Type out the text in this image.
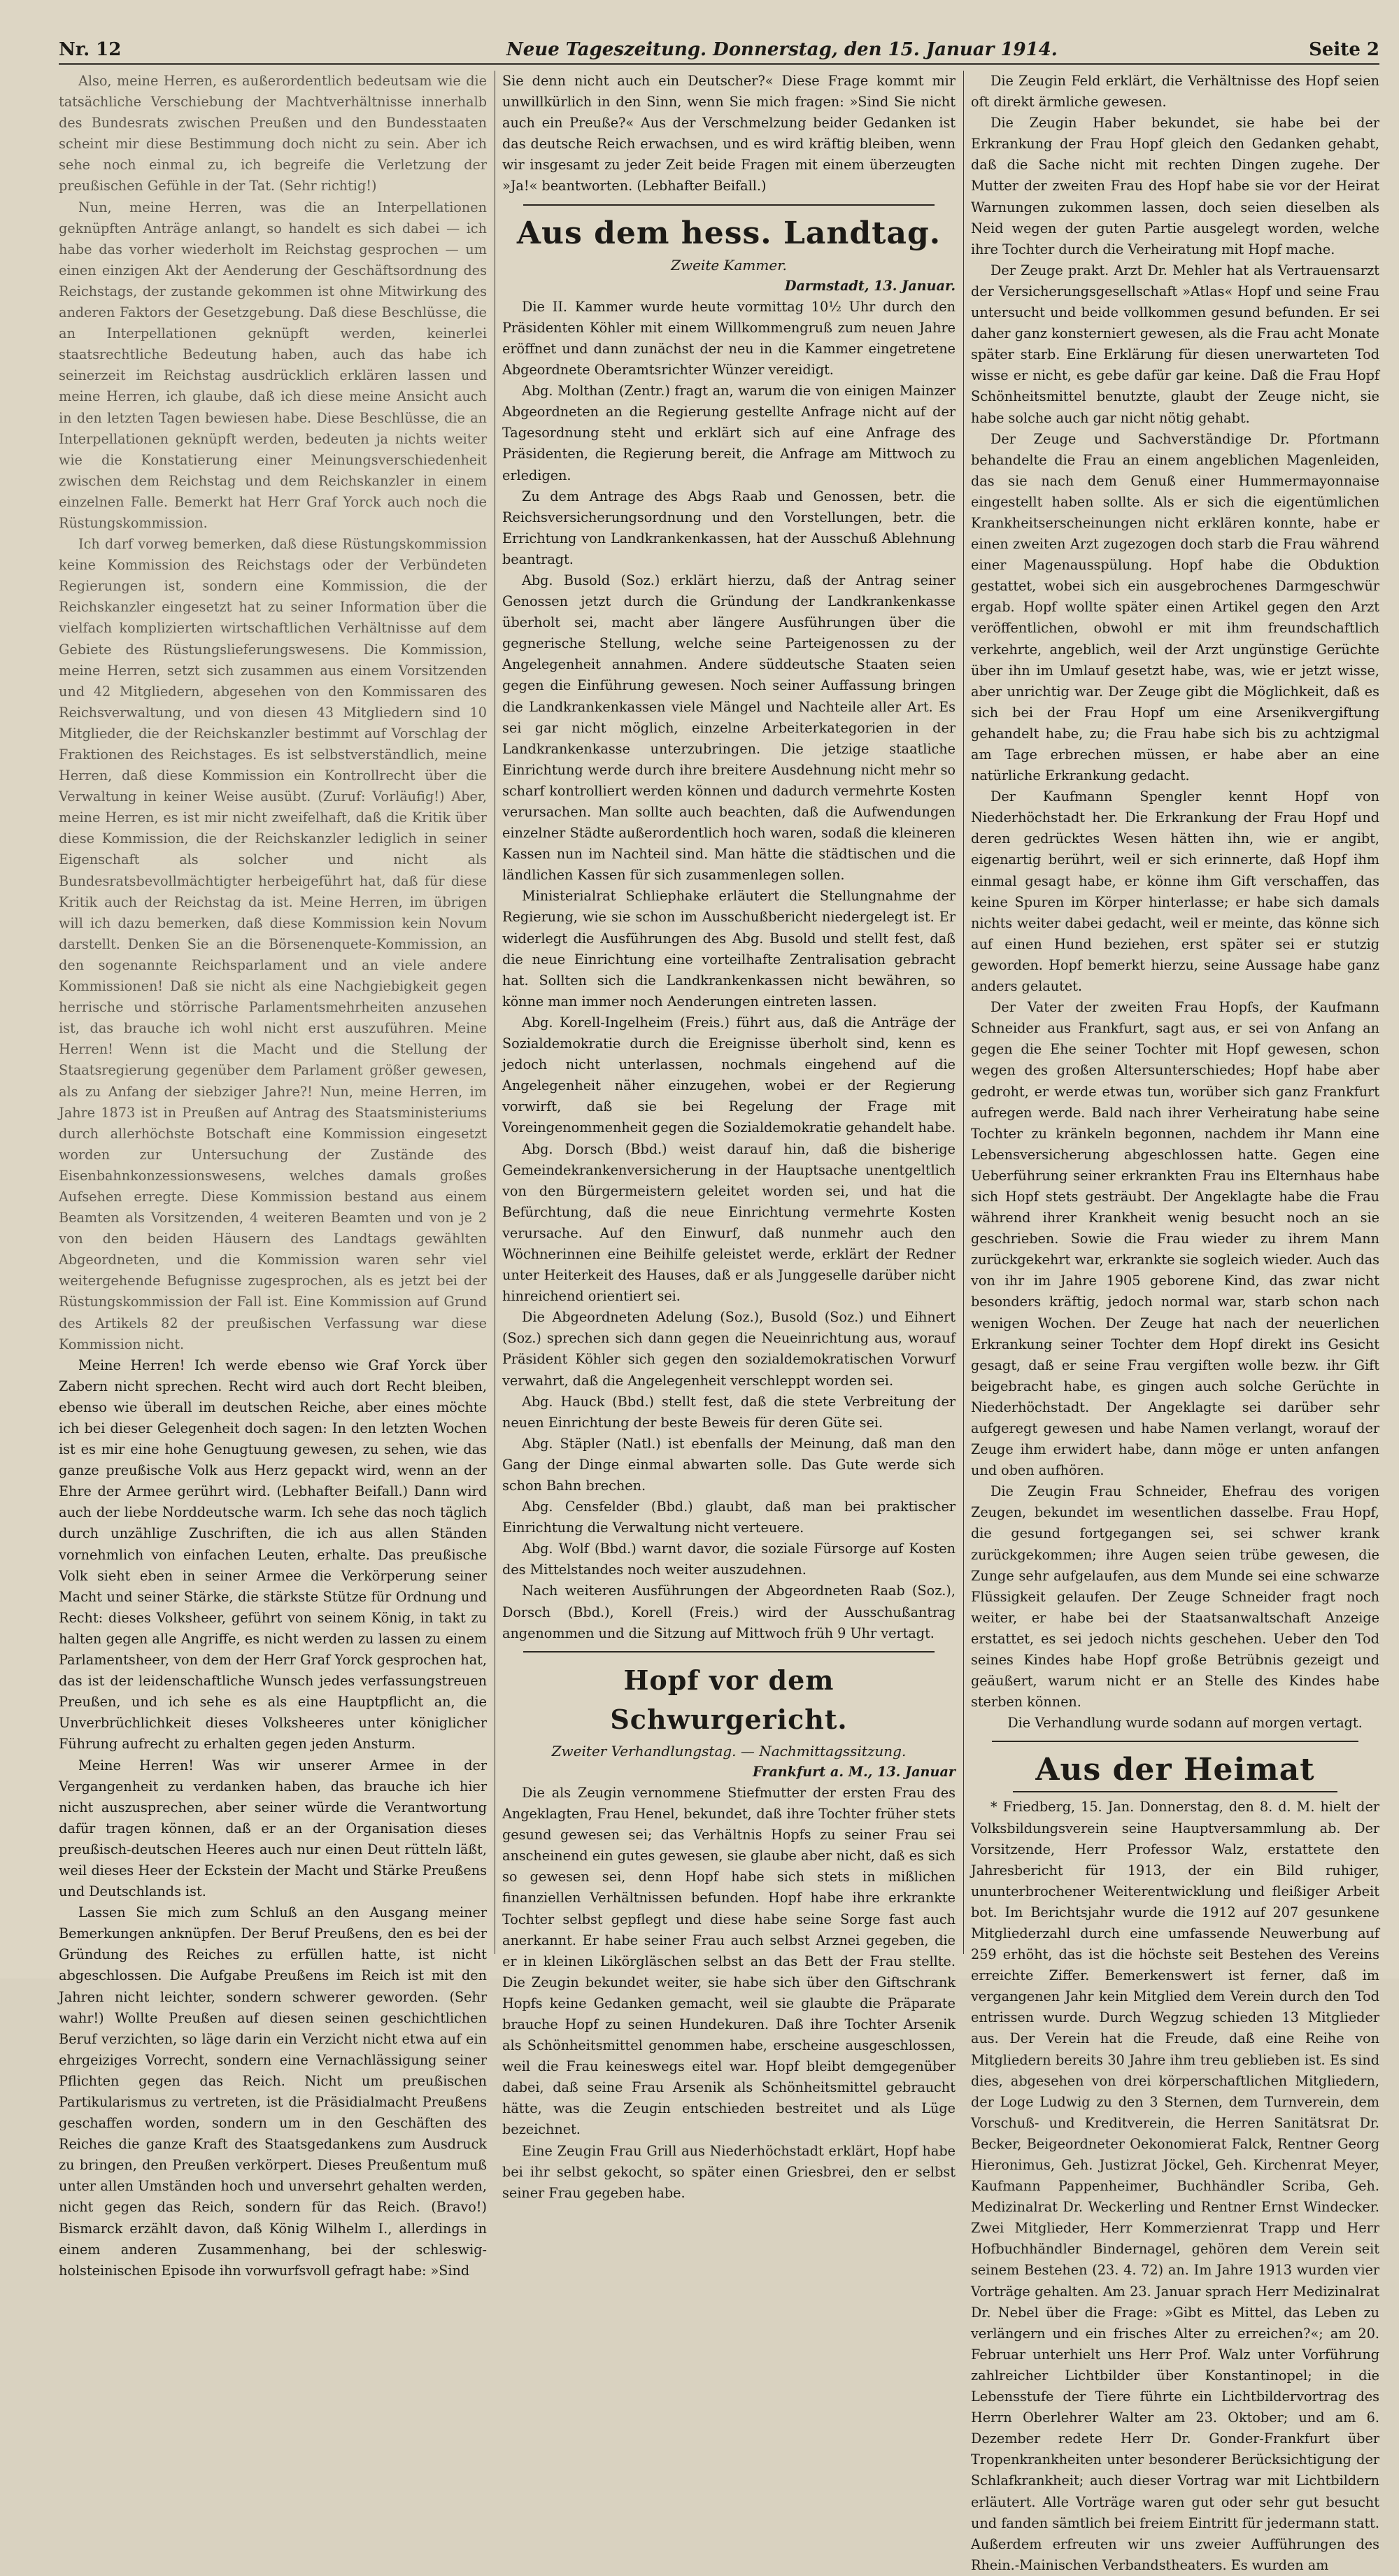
Nr. 12	Neue Tageszeitung. Donnerstag, den 15. Januar 1914.	Seite 2

Also, meine Herren, es außerordentlich bedeutsam wie die tatsächliche Verschiebung der Machtverhältnisse innerhalb des Bundesrats zwischen Preußen und den Bundesstaaten scheint mir diese Bestimmung doch nicht zu sein. Aber ich sehe noch einmal zu, ich begreife die Verletzung der preußischen Gefühle in der Tat. (Sehr richtig!)

Nun, meine Herren, was die an Interpellationen geknüpften Anträge anlangt, so handelt es sich dabei — ich habe das vorher wiederholt im Reichstag gesprochen — um einen einzigen Akt der Aenderung der Geschäftsordnung des Reichstags, der zustande gekommen ist ohne Mitwirkung des anderen Faktors der Gesetzgebung. Daß diese Beschlüsse, die an Interpellationen geknüpft werden, keinerlei staatsrechtliche Bedeutung haben, auch das habe ich seinerzeit im Reichstag ausdrücklich erklären lassen und meine Herren, ich glaube, daß ich diese meine Ansicht auch in den letzten Tagen bewiesen habe. Diese Beschlüsse, die an Interpellationen geknüpft werden, bedeuten ja nichts weiter wie die Konstatierung einer Meinungsverschiedenheit zwischen dem Reichstag und dem Reichskanzler in einem einzelnen Falle. Bemerkt hat Herr Graf Yorck auch noch die Rüstungskommission.

Ich darf vorweg bemerken, daß diese Rüstungskommission keine Kommission des Reichstags oder der Verbündeten Regierungen ist, sondern eine Kommission, die der Reichskanzler eingesetzt hat zu seiner Information über die vielfach komplizierten wirtschaftlichen Verhältnisse auf dem Gebiete des Rüstungslieferungswesens. Die Kommission, meine Herren, setzt sich zusammen aus einem Vorsitzenden und 42 Mitgliedern, abgesehen von den Kommissaren des Reichsverwaltung, und von diesen 43 Mitgliedern sind 10 Mitglieder, die der Reichskanzler bestimmt auf Vorschlag der Fraktionen des Reichstages. Es ist selbstverständlich, meine Herren, daß diese Kommission ein Kontrollrecht über die Verwaltung in keiner Weise ausübt. (Zuruf: Vorläufig!) Aber, meine Herren, es ist mir nicht zweifelhaft, daß die Kritik über diese Kommission, die der Reichskanzler lediglich in seiner Eigenschaft als solcher und nicht als Bundesratsbevollmächtigter herbeigeführt hat, daß für diese Kritik auch der Reichstag da ist. Meine Herren, im übrigen will ich dazu bemerken, daß diese Kommission kein Novum darstellt. Denken Sie an die Börsenenquete-Kommission, an den sogenannte Reichsparlament und an viele andere Kommissionen! Daß sie nicht als eine Nachgiebigkeit gegen herrische und störrische Parlamentsmehrheiten anzusehen ist, das brauche ich wohl nicht erst auszuführen. Meine Herren! Wenn ist die Macht und die Stellung der Staatsregierung gegenüber dem Parlament größer gewesen, als zu Anfang der siebziger Jahre?! Nun, meine Herren, im Jahre 1873 ist in Preußen auf Antrag des Staatsministeriums durch allerhöchste Botschaft eine Kommission eingesetzt worden zur Untersuchung der Zustände des Eisenbahnkonzessionswesens, welches damals großes Aufsehen erregte. Diese Kommission bestand aus einem Beamten als Vorsitzenden, 4 weiteren Beamten und von je 2 von den beiden Häusern des Landtags gewählten Abgeordneten, und die Kommission waren sehr viel weitergehende Befugnisse zugesprochen, als es jetzt bei der Rüstungskommission der Fall ist. Eine Kommission auf Grund des Artikels 82 der preußischen Verfassung war diese Kommission nicht.

Meine Herren! Ich werde ebenso wie Graf Yorck über Zabern nicht sprechen. Recht wird auch dort Recht bleiben, ebenso wie überall im deutschen Reiche, aber eines möchte ich bei dieser Gelegenheit doch sagen: In den letzten Wochen ist es mir eine hohe Genugtuung gewesen, zu sehen, wie das ganze preußische Volk aus Herz gepackt wird, wenn an der Ehre der Armee gerührt wird. (Lebhafter Beifall.) Dann wird auch der liebe Norddeutsche warm. Ich sehe das noch täglich durch unzählige Zuschriften, die ich aus allen Ständen vornehmlich von einfachen Leuten, erhalte. Das preußische Volk sieht eben in seiner Armee die Verkörperung seiner Macht und seiner Stärke, die stärkste Stütze für Ordnung und Recht: dieses Volksheer, geführt von seinem König, in takt zu halten gegen alle Angriffe, es nicht werden zu lassen zu einem Parlamentsheer, von dem der Herr Graf Yorck gesprochen hat, das ist der leidenschaftliche Wunsch jedes verfassungstreuen Preußen, und ich sehe es als eine Hauptpflicht an, die Unverbrüchlichkeit dieses Volksheeres unter königlicher Führung aufrecht zu erhalten gegen jeden Ansturm.

Meine Herren! Was wir unserer Armee in der Vergangenheit zu verdanken haben, das brauche ich hier nicht auszusprechen, aber seiner würde die Verantwortung dafür tragen können, daß er an der Organisation dieses preußisch-deutschen Heeres auch nur einen Deut rütteln läßt, weil dieses Heer der Eckstein der Macht und Stärke Preußens und Deutschlands ist.

Lassen Sie mich zum Schluß an den Ausgang meiner Bemerkungen anknüpfen. Der Beruf Preußens, den es bei der Gründung des Reiches zu erfüllen hatte, ist nicht abgeschlossen. Die Aufgabe Preußens im Reich ist mit den Jahren nicht leichter, sondern schwerer geworden. (Sehr wahr!) Wollte Preußen auf diesen seinen geschichtlichen Beruf verzichten, so läge darin ein Verzicht nicht etwa auf ein ehrgeiziges Vorrecht, sondern eine Vernachlässigung seiner Pflichten gegen das Reich. Nicht um preußischen Partikularismus zu vertreten, ist die Präsidialmacht Preußens geschaffen worden, sondern um in den Geschäften des Reiches die ganze Kraft des Staatsgedankens zum Ausdruck zu bringen, den Preußen verkörpert. Dieses Preußentum muß unter allen Umständen hoch und unversehrt gehalten werden, nicht gegen das Reich, sondern für das Reich. (Bravo!) Bismarck erzählt davon, daß König Wilhelm I., allerdings in einem anderen Zusammenhang, bei der schleswig-holsteinischen Episode ihn vorwurfsvoll gefragt habe: »Sind

Sie denn nicht auch ein Deutscher?« Diese Frage kommt mir unwillkürlich in den Sinn, wenn Sie mich fragen: »Sind Sie nicht auch ein Preuße?« Aus der Verschmelzung beider Gedanken ist das deutsche Reich erwachsen, und es wird kräftig bleiben, wenn wir insgesamt zu jeder Zeit beide Fragen mit einem überzeugten »Ja!« beantworten. (Lebhafter Beifall.)

Aus dem hess. Landtag.

Zweite Kammer.

Darmstadt, 13. Januar.

Die II. Kammer wurde heute vormittag 10½ Uhr durch den Präsidenten Köhler mit einem Willkommengruß zum neuen Jahre eröffnet und dann zunächst der neu in die Kammer eingetretene Abgeordnete Oberamtsrichter Wünzer vereidigt.

Abg. Molthan (Zentr.) fragt an, warum die von einigen Mainzer Abgeordneten an die Regierung gestellte Anfrage nicht auf der Tagesordnung steht und erklärt sich auf eine Anfrage des Präsidenten, die Regierung bereit, die Anfrage am Mittwoch zu erledigen.

Zu dem Antrage des Abgs Raab und Genossen, betr. die Reichsversicherungsordnung und den Vorstellungen, betr. die Errichtung von Landkrankenkassen, hat der Ausschuß Ablehnung beantragt.

Abg. Busold (Soz.) erklärt hierzu, daß der Antrag seiner Genossen jetzt durch die Gründung der Landkrankenkasse überholt sei, macht aber längere Ausführungen über die gegnerische Stellung, welche seine Parteigenossen zu der Angelegenheit annahmen. Andere süddeutsche Staaten seien gegen die Einführung gewesen. Noch seiner Auffassung bringen die Landkrankenkassen viele Mängel und Nachteile aller Art. Es sei gar nicht möglich, einzelne Arbeiterkategorien in der Landkrankenkasse unterzubringen. Die jetzige staatliche Einrichtung werde durch ihre breitere Ausdehnung nicht mehr so scharf kontrolliert werden können und dadurch vermehrte Kosten verursachen. Man sollte auch beachten, daß die Aufwendungen einzelner Städte außerordentlich hoch waren, sodaß die kleineren Kassen nun im Nachteil sind. Man hätte die städtischen und die ländlichen Kassen für sich zusammenlegen sollen.

Ministerialrat Schliephake erläutert die Stellungnahme der Regierung, wie sie schon im Ausschußbericht niedergelegt ist. Er widerlegt die Ausführungen des Abg. Busold und stellt fest, daß die neue Einrichtung eine vorteilhafte Zentralisation gebracht hat. Sollten sich die Landkrankenkassen nicht bewähren, so könne man immer noch Aenderungen eintreten lassen.

Abg. Korell-Ingelheim (Freis.) führt aus, daß die Anträge der Sozialdemokratie durch die Ereignisse überholt sind, kenn es jedoch nicht unterlassen, nochmals eingehend auf die Angelegenheit näher einzugehen, wobei er der Regierung vorwirft, daß sie bei Regelung der Frage mit Voreingenommenheit gegen die Sozialdemokratie gehandelt habe.

Abg. Dorsch (Bbd.) weist darauf hin, daß die bisherige Gemeindekrankenversicherung in der Hauptsache unentgeltlich von den Bürgermeistern geleitet worden sei, und hat die Befürchtung, daß die neue Einrichtung vermehrte Kosten verursache. Auf den Einwurf, daß nunmehr auch den Wöchnerinnen eine Beihilfe geleistet werde, erklärt der Redner unter Heiterkeit des Hauses, daß er als Junggeselle darüber nicht hinreichend orientiert sei.

Die Abgeordneten Adelung (Soz.), Busold (Soz.) und Eihnert (Soz.) sprechen sich dann gegen die Neueinrichtung aus, worauf Präsident Köhler sich gegen den sozialdemokratischen Vorwurf verwahrt, daß die Angelegenheit verschleppt worden sei.

Abg. Hauck (Bbd.) stellt fest, daß die stete Verbreitung der neuen Einrichtung der beste Beweis für deren Güte sei.

Abg. Stäpler (Natl.) ist ebenfalls der Meinung, daß man den Gang der Dinge einmal abwarten solle. Das Gute werde sich schon Bahn brechen.

Abg. Censfelder (Bbd.) glaubt, daß man bei praktischer Einrichtung die Verwaltung nicht verteuere.

Abg. Wolf (Bbd.) warnt davor, die soziale Fürsorge auf Kosten des Mittelstandes noch weiter auszudehnen.

Nach weiteren Ausführungen der Abgeordneten Raab (Soz.), Dorsch (Bbd.), Korell (Freis.) wird der Ausschußantrag angenommen und die Sitzung auf Mittwoch früh 9 Uhr vertagt.

Hopf vor dem Schwurgericht.

Zweiter Verhandlungstag. — Nachmittagssitzung.

Frankfurt a. M., 13. Januar

Die als Zeugin vernommene Stiefmutter der ersten Frau des Angeklagten, Frau Henel, bekundet, daß ihre Tochter früher stets gesund gewesen sei; das Verhältnis Hopfs zu seiner Frau sei anscheinend ein gutes gewesen, sie glaube aber nicht, daß es sich so gewesen sei, denn Hopf habe sich stets in mißlichen finanziellen Verhältnissen befunden. Hopf habe ihre erkrankte Tochter selbst gepflegt und diese habe seine Sorge fast auch anerkannt. Er habe seiner Frau auch selbst Arznei gegeben, die er in kleinen Likörgläschen selbst an das Bett der Frau stellte. Die Zeugin bekundet weiter, sie habe sich über den Giftschrank Hopfs keine Gedanken gemacht, weil sie glaubte die Präparate brauche Hopf zu seinen Hundekuren. Daß ihre Tochter Arsenik als Schönheitsmittel genommen habe, erscheine ausgeschlossen, weil die Frau keineswegs eitel war. Hopf bleibt demgegenüber dabei, daß seine Frau Arsenik als Schönheitsmittel gebraucht hätte, was die Zeugin entschieden bestreitet und als Lüge bezeichnet.

Eine Zeugin Frau Grill aus Niederhöchstadt erklärt, Hopf habe bei ihr selbst gekocht, so später einen Griesbrei, den er selbst seiner Frau gegeben habe.

Die Zeugin Feld erklärt, die Verhältnisse des Hopf seien oft direkt ärmliche gewesen.

Die Zeugin Haber bekundet, sie habe bei der Erkrankung der Frau Hopf gleich den Gedanken gehabt, daß die Sache nicht mit rechten Dingen zugehe. Der Mutter der zweiten Frau des Hopf habe sie vor der Heirat Warnungen zukommen lassen, doch seien dieselben als Neid wegen der guten Partie ausgelegt worden, welche ihre Tochter durch die Verheiratung mit Hopf mache.

Der Zeuge prakt. Arzt Dr. Mehler hat als Vertrauensarzt der Versicherungsgesellschaft »Atlas« Hopf und seine Frau untersucht und beide vollkommen gesund befunden. Er sei daher ganz konsterniert gewesen, als die Frau acht Monate später starb. Eine Erklärung für diesen unerwarteten Tod wisse er nicht, es gebe dafür gar keine. Daß die Frau Hopf Schönheitsmittel benutzte, glaubt der Zeuge nicht, sie habe solche auch gar nicht nötig gehabt.

Der Zeuge und Sachverständige Dr. Pfortmann behandelte die Frau an einem angeblichen Magenleiden, das sie nach dem Genuß einer Hummermayonnaise eingestellt haben sollte. Als er sich die eigentümlichen Krankheitserscheinungen nicht erklären konnte, habe er einen zweiten Arzt zugezogen doch starb die Frau während einer Magenausspülung. Hopf habe die Obduktion gestattet, wobei sich ein ausgebrochenes Darmgeschwür ergab. Hopf wollte später einen Artikel gegen den Arzt veröffentlichen, obwohl er mit ihm freundschaftlich verkehrte, angeblich, weil der Arzt ungünstige Gerüchte über ihn im Umlauf gesetzt habe, was, wie er jetzt wisse, aber unrichtig war. Der Zeuge gibt die Möglichkeit, daß es sich bei der Frau Hopf um eine Arsenikvergiftung gehandelt habe, zu; die Frau habe sich bis zu achtzigmal am Tage erbrechen müssen, er habe aber an eine natürliche Erkrankung gedacht.

Der Kaufmann Spengler kennt Hopf von Niederhöchstadt her. Die Erkrankung der Frau Hopf und deren gedrücktes Wesen hätten ihn, wie er angibt, eigenartig berührt, weil er sich erinnerte, daß Hopf ihm einmal gesagt habe, er könne ihm Gift verschaffen, das keine Spuren im Körper hinterlasse; er habe sich damals nichts weiter dabei gedacht, weil er meinte, das könne sich auf einen Hund beziehen, erst später sei er stutzig geworden. Hopf bemerkt hierzu, seine Aussage habe ganz anders gelautet.

Der Vater der zweiten Frau Hopfs, der Kaufmann Schneider aus Frankfurt, sagt aus, er sei von Anfang an gegen die Ehe seiner Tochter mit Hopf gewesen, schon wegen des großen Altersunterschiedes; Hopf habe aber gedroht, er werde etwas tun, worüber sich ganz Frankfurt aufregen werde. Bald nach ihrer Verheiratung habe seine Tochter zu kränkeln begonnen, nachdem ihr Mann eine Lebensversicherung abgeschlossen hatte. Gegen eine Ueberführung seiner erkrankten Frau ins Elternhaus habe sich Hopf stets gesträubt. Der Angeklagte habe die Frau während ihrer Krankheit wenig besucht noch an sie geschrieben. Sowie die Frau wieder zu ihrem Mann zurückgekehrt war, erkrankte sie sogleich wieder. Auch das von ihr im Jahre 1905 geborene Kind, das zwar nicht besonders kräftig, jedoch normal war, starb schon nach wenigen Wochen. Der Zeuge hat nach der neuerlichen Erkrankung seiner Tochter dem Hopf direkt ins Gesicht gesagt, daß er seine Frau vergiften wolle bezw. ihr Gift beigebracht habe, es gingen auch solche Gerüchte in Niederhöchstadt. Der Angeklagte sei darüber sehr aufgeregt gewesen und habe Namen verlangt, worauf der Zeuge ihm erwidert habe, dann möge er unten anfangen und oben aufhören.

Die Zeugin Frau Schneider, Ehefrau des vorigen Zeugen, bekundet im wesentlichen dasselbe. Frau Hopf, die gesund fortgegangen sei, sei schwer krank zurückgekommen; ihre Augen seien trübe gewesen, die Zunge sehr aufgelaufen, aus dem Munde sei eine schwarze Flüssigkeit gelaufen. Der Zeuge Schneider fragt noch weiter, er habe bei der Staatsanwaltschaft Anzeige erstattet, es sei jedoch nichts geschehen. Ueber den Tod seines Kindes habe Hopf große Betrübnis gezeigt und geäußert, warum nicht er an Stelle des Kindes habe sterben können.

Die Verhandlung wurde sodann auf morgen vertagt.

Aus der Heimat

* Friedberg, 15. Jan. Donnerstag, den 8. d. M. hielt der Volksbildungsverein seine Hauptversammlung ab. Der Vorsitzende, Herr Professor Walz, erstattete den Jahresbericht für 1913, der ein Bild ruhiger, ununterbrochener Weiterentwicklung und fleißiger Arbeit bot. Im Berichtsjahr wurde die 1912 auf 207 gesunkene Mitgliederzahl durch eine umfassende Neuwerbung auf 259 erhöht, das ist die höchste seit Bestehen des Vereins erreichte Ziffer. Bemerkenswert ist ferner, daß im vergangenen Jahr kein Mitglied dem Verein durch den Tod entrissen wurde. Durch Wegzug schieden 13 Mitglieder aus. Der Verein hat die Freude, daß eine Reihe von Mitgliedern bereits 30 Jahre ihm treu geblieben ist. Es sind dies, abgesehen von drei körperschaftlichen Mitgliedern, der Loge Ludwig zu den 3 Sternen, dem Turnverein, dem Vorschuß- und Kreditverein, die Herren Sanitätsrat Dr. Becker, Beigeordneter Oekonomierat Falck, Rentner Georg Hieronimus, Geh. Justizrat Jöckel, Geh. Kirchenrat Meyer, Kaufmann Pappenheimer, Buchhändler Scriba, Geh. Medizinalrat Dr. Weckerling und Rentner Ernst Windecker. Zwei Mitglieder, Herr Kommerzienrat Trapp und Herr Hofbuchhändler Bindernagel, gehören dem Verein seit seinem Bestehen (23. 4. 72) an. Im Jahre 1913 wurden vier Vorträge gehalten. Am 23. Januar sprach Herr Medizinalrat Dr. Nebel über die Frage: »Gibt es Mittel, das Leben zu verlängern und ein frisches Alter zu erreichen?«; am 20. Februar unterhielt uns Herr Prof. Walz unter Vorführung zahlreicher Lichtbilder über Konstantinopel; in die Lebensstufe der Tiere führte ein Lichtbildervortrag des Herrn Oberlehrer Walter am 23. Oktober; und am 6. Dezember redete Herr Dr. Gonder-Frankfurt über Tropenkrankheiten unter besonderer Berücksichtigung der Schlafkrankheit; auch dieser Vortrag war mit Lichtbildern erläutert. Alle Vorträge waren gut oder sehr gut besucht und fanden sämtlich bei freiem Eintritt für jedermann statt. Außerdem erfreuten wir uns zweier Aufführungen des Rhein.-Mainischen Verbandstheaters. Es wurden am
